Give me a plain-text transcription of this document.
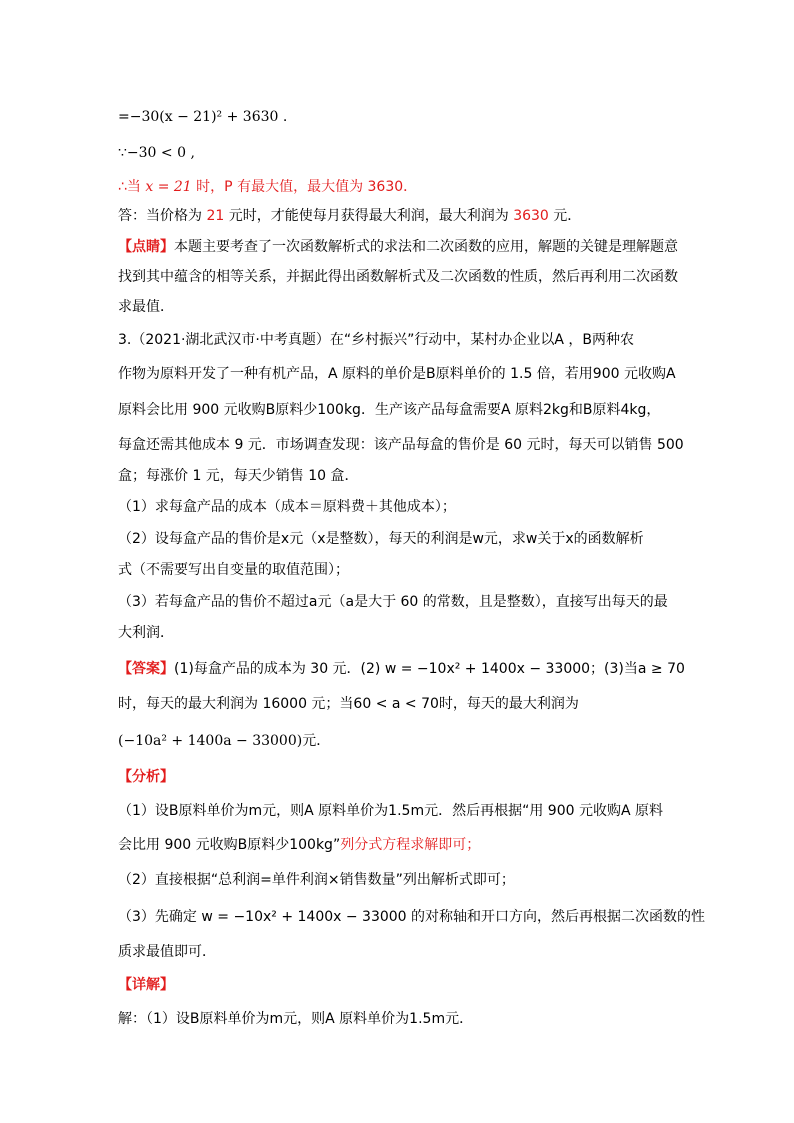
=−30(x − 21)² + 3630 .
∵−30 < 0 ,
∴当 x = 21 时，P 有最大值，最大值为 3630．
答：当价格为 21 元时，才能使每月获得最大利润，最大利润为 3630 元．
【点睛】本题主要考查了一次函数解析式的求法和二次函数的应用，解题的关键是理解题意
找到其中蕴含的相等关系，并据此得出函数解析式及二次函数的性质，然后再利用二次函数
求最值．
3.（2021·湖北武汉市·中考真题）在“乡村振兴”行动中，某村办企业以A ，B两种农
作物为原料开发了一种有机产品，A 原料的单价是B原料单价的 1.5 倍，若用900 元收购A
原料会比用 900 元收购B原料少100kg．生产该产品每盒需要A 原料2kg和B原料4kg，
每盒还需其他成本 9 元．市场调查发现：该产品每盒的售价是 60 元时，每天可以销售 500
盒；每涨价 1 元，每天少销售 10 盒．
（1）求每盒产品的成本（成本＝原料费＋其他成本）；
（2）设每盒产品的售价是x元（x是整数），每天的利润是w元，求w关于x的函数解析
式（不需要写出自变量的取值范围）；
（3）若每盒产品的售价不超过a元（a是大于 60 的常数，且是整数），直接写出每天的最
大利润．
【答案】(1)每盒产品的成本为 30 元．(2) w = −10x² + 1400x − 33000；(3)当a ≥ 70
时，每天的最大利润为 16000 元；当60 < a < 70时，每天的最大利润为
(−10a² + 1400a − 33000)元．
【分析】
（1）设B原料单价为m元，则A 原料单价为1.5m元．然后再根据“用 900 元收购A 原料
会比用 900 元收购B原料少100kg”列分式方程求解即可；
（2）直接根据“总利润=单件利润×销售数量”列出解析式即可；
（3）先确定 w = −10x² + 1400x − 33000 的对称轴和开口方向，然后再根据二次函数的性
质求最值即可．
【详解】
解：（1）设B原料单价为m元，则A 原料单价为1.5m元．
